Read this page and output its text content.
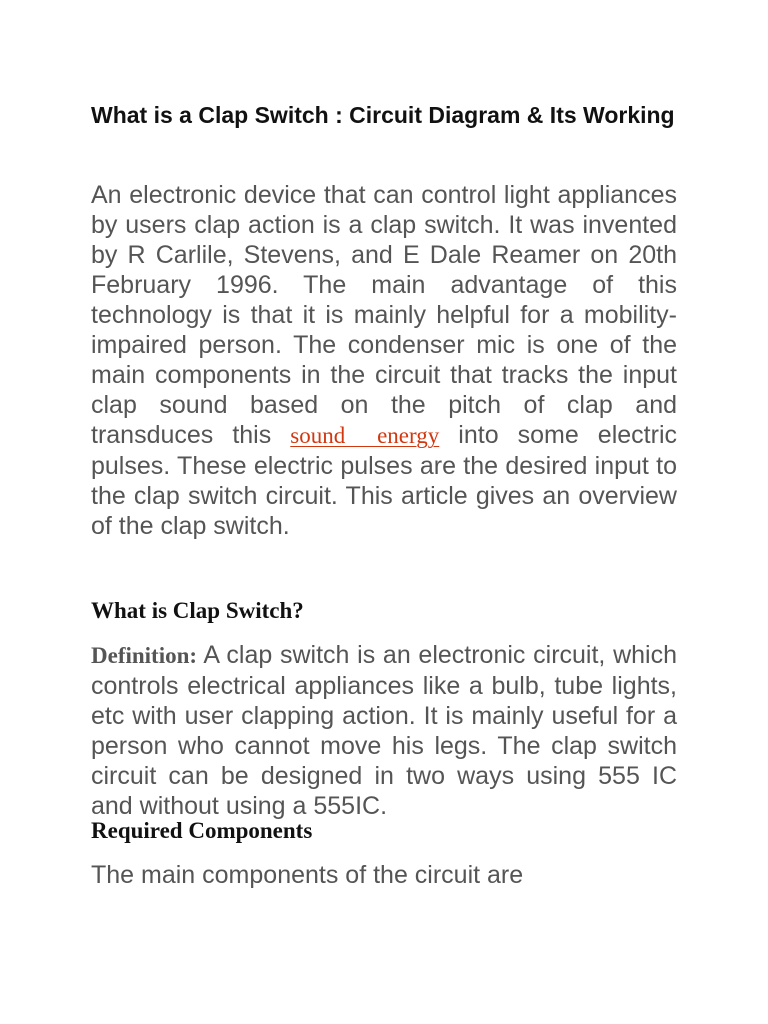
What is a Clap Switch : Circuit Diagram & Its Working

An electronic device that can control light appliances by users clap action is a clap switch. It was invented by R Carlile, Stevens, and E Dale Reamer on 20th February 1996. The main advantage of this technology is that it is mainly helpful for a mobility-impaired person. The condenser mic is one of the main components in the circuit that tracks the input clap sound based on the pitch of clap and transduces this sound energy into some electric pulses. These electric pulses are the desired input to the clap switch circuit. This article gives an overview of the clap switch.

What is Clap Switch?

Definition: A clap switch is an electronic circuit, which controls electrical appliances like a bulb, tube lights, etc with user clapping action. It is mainly useful for a person who cannot move his legs. The clap switch circuit can be designed in two ways using 555 IC and without using a 555IC.

Required Components

The main components of the circuit are
